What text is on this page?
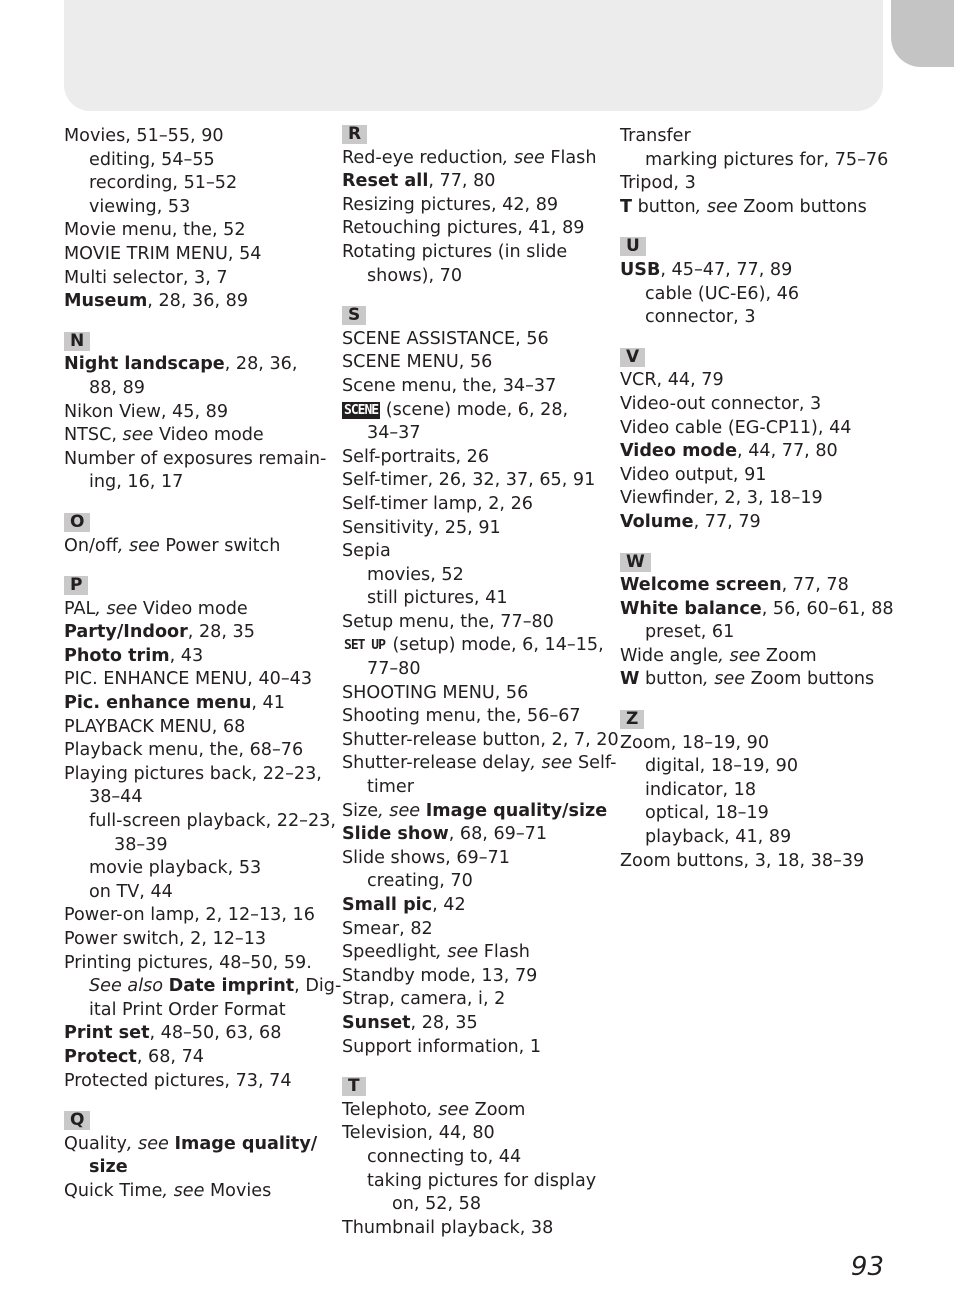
Movies, 51–55, 90
editing, 54–55
recording, 51–52
viewing, 53
Movie menu, the, 52
MOVIE TRIM MENU, 54
Multi selector, 3, 7
Museum, 28, 36, 89
N
Night landscape, 28, 36,
88, 89
Nikon View, 45, 89
NTSC, see Video mode
Number of exposures remain-
ing, 16, 17
O
On/off, see Power switch
P
PAL, see Video mode
Party/Indoor, 28, 35
Photo trim, 43
PIC. ENHANCE MENU, 40–43
Pic. enhance menu, 41
PLAYBACK MENU, 68
Playback menu, the, 68–76
Playing pictures back, 22–23,
38–44
full-screen playback, 22–23,
38–39
movie playback, 53
on TV, 44
Power-on lamp, 2, 12–13, 16
Power switch, 2, 12–13
Printing pictures, 48–50, 59.
See also Date imprint, Dig-
ital Print Order Format
Print set, 48–50, 63, 68
Protect, 68, 74
Protected pictures, 73, 74
Q
Quality, see Image quality/
size
Quick Time, see Movies
R
Red-eye reduction, see Flash
Reset all, 77, 80
Resizing pictures, 42, 89
Retouching pictures, 41, 89
Rotating pictures (in slide
shows), 70
S
SCENE ASSISTANCE, 56
SCENE MENU, 56
Scene menu, the, 34–37
SCENE (scene) mode, 6, 28,
34–37
Self-portraits, 26
Self-timer, 26, 32, 37, 65, 91
Self-timer lamp, 2, 26
Sensitivity, 25, 91
Sepia
movies, 52
still pictures, 41
Setup menu, the, 77–80
SET UP (setup) mode, 6, 14–15,
77–80
SHOOTING MENU, 56
Shooting menu, the, 56–67
Shutter-release button, 2, 7, 20
Shutter-release delay, see Self-
timer
Size, see Image quality/size
Slide show, 68, 69–71
Slide shows, 69–71
creating, 70
Small pic, 42
Smear, 82
Speedlight, see Flash
Standby mode, 13, 79
Strap, camera, i, 2
Sunset, 28, 35
Support information, 1
T
Telephoto, see Zoom
Television, 44, 80
connecting to, 44
taking pictures for display
on, 52, 58
Thumbnail playback, 38
Transfer
marking pictures for, 75–76
Tripod, 3
T button, see Zoom buttons
U
USB, 45–47, 77, 89
cable (UC-E6), 46
connector, 3
V
VCR, 44, 79
Video-out connector, 3
Video cable (EG-CP11), 44
Video mode, 44, 77, 80
Video output, 91
Viewfinder, 2, 3, 18–19
Volume, 77, 79
W
Welcome screen, 77, 78
White balance, 56, 60–61, 88
preset, 61
Wide angle, see Zoom
W button, see Zoom buttons
Z
Zoom, 18–19, 90
digital, 18–19, 90
indicator, 18
optical, 18–19
playback, 41, 89
Zoom buttons, 3, 18, 38–39
93
